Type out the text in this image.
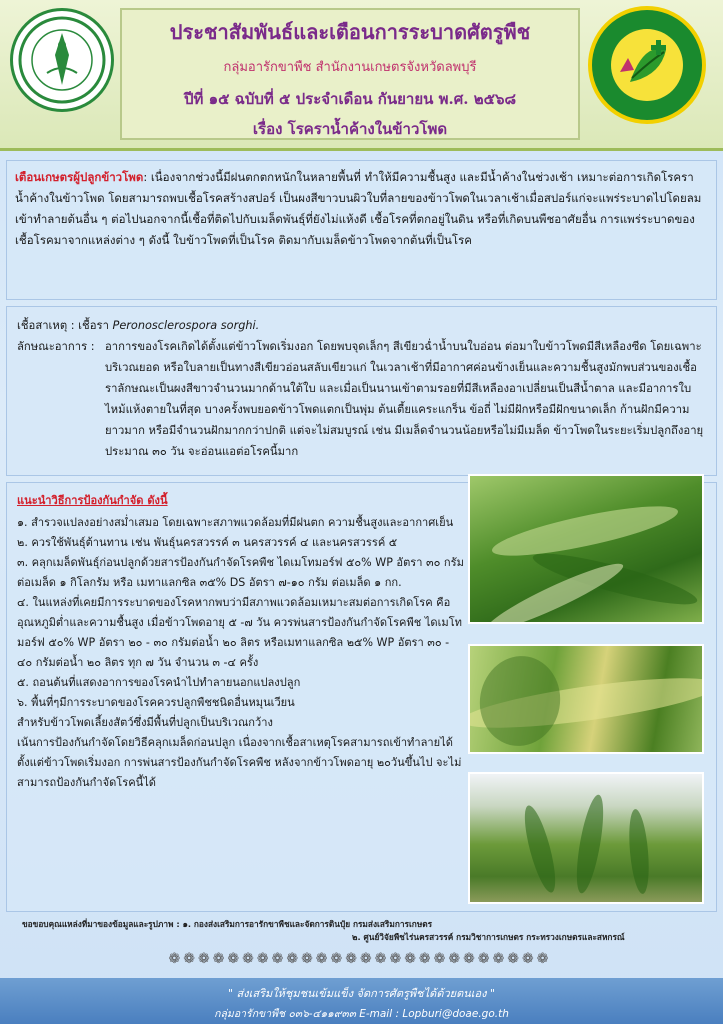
ประชาสัมพันธ์และเตือนการระบาดศัตรูพืช
กลุ่มอารักขาพืช สำนักงานเกษตรจังหวัดลพบุรี
ปีที่ ๑๕ ฉบับที่ ๕ ประจำเดือน กันยายน พ.ศ. ๒๕๖๘
เรื่อง โรคราน้ำค้างในข้าวโพด
เตือนเกษตรผู้ปลูกข้าวโพด: เนื่องจากช่วงนี้มีฝนตกตกหนักในหลายพื้นที่ ทำให้มีความชื้นสูง และมีน้ำค้างในช่วงเช้า เหมาะต่อการเกิดโรคราน้ำค้างในข้าวโพด โดยสามารถพบเชื้อโรคสร้างสปอร์ เป็นผงสีขาวบนผิวใบที่ลายของข้าวโพดในเวลาเช้าเมื่อสปอร์แก่จะแพร่ระบาดไปโดยลมเข้าทำลายต้นอื่น ๆ ต่อไปนอกจากนี้เชื้อที่ติดไปกับเมล็ดพันธุ์ที่ยังไม่แห้งดี เชื้อโรคที่ตกอยู่ในดิน หรือที่เกิดบนพืชอาศัยอื่น การแพร่ระบาดของเชื้อโรคมาจากแหล่งต่าง ๆ ดังนี้ ใบข้าวโพดที่เป็นโรค ติดมากับเมล็ดข้าวโพดจากต้นที่เป็นโรค
เชื้อสาเหตุ : เชื้อรา Peronosclerospora sorghi.
ลักษณะอาการ : อาการของโรคเกิดได้ตั้งแต่ข้าวโพดเริ่มงอก โดยพบจุดเล็กๆ สีเขียวฉ่ำน้ำบนใบอ่อน ต่อมาใบข้าวโพดมีสีเหลืองซีด โดยเฉพาะบริเวณยอด หรือใบลายเป็นทางสีเขียวอ่อนสลับเขียวแก่ ในเวลาเช้าที่มีอากาศค่อนข้างเย็นและความชื้นสูงมักพบส่วนของเชื้อราลักษณะเป็นผงสีขาวจำนวนมากด้านใต้ใบ และเมื่อเป็นนานเข้าตามรอยที่มีสีเหลืองอาเปลี่ยนเป็นสีน้ำตาล และมีอาการใบไหม้แห้งตายในที่สุด บางครั้งพบยอดข้าวโพดแตกเป็นพุ่ม ต้นเตี้ยแคระแกร็น ข้อถี่ ไม่มีฝักหรือมีฝักขนาดเล็ก ก้านฝักมีความยาวมาก หรือมีจำนวนฝักมากกว่าปกติ แต่จะไม่สมบูรณ์ เช่น มีเมล็ดจำนวนน้อยหรือไม่มีเมล็ด ข้าวโพดในระยะเริ่มปลูกถึงอายุประมาณ ๓๐ วัน จะอ่อนแอต่อโรคนี้มาก
แนะนำวิธีการป้องกันกำจัด ดังนี้

๑. สำรวจแปลงอย่างสม่ำเสมอ โดยเฉพาะสภาพแวดล้อมที่มีฝนตก ความชื้นสูงและอากาศเย็น

๒. ควรใช้พันธุ์ต้านทาน เช่น พันธุ์นครสวรรค์ ๓ นครสวรรค์ ๔ และนครสวรรค์ ๕

๓. คลุกเมล็ดพันธุ์ก่อนปลูกด้วยสารป้องกันกำจัดโรคพืช ไดเมโทมอร์ฟ ๕๐% WP อัตรา ๓๐ กรัม ต่อเมล็ด ๑ กิโลกรัม หรือ เมทาแลกซิล ๓๕% DS อัตรา ๗-๑๐ กรัม ต่อเมล็ด ๑ กก.

๔. ในแหล่งที่เคยมีการระบาดของโรคหากพบว่ามีสภาพแวดล้อมเหมาะสมต่อการเกิดโรค คือ อุณหภูมิต่ำและความชื้นสูง เมื่อข้าวโพดอายุ ๕ -๗ วัน ควรพ่นสารป้องกันกำจัดโรคพืช ไดเมโทมอร์ฟ ๕๐% WP อัตรา ๒๐ - ๓๐ กรัมต่อน้ำ ๒๐ ลิตร หรือเมทาแลกซิล ๒๕% WP อัตรา ๓๐ - ๔๐ กรัมต่อน้ำ ๒๐ ลิตร ทุก ๗ วัน จำนวน ๓ -๔ ครั้ง

๕. ถอนต้นที่แสดงอาการของโรคนำไปทำลายนอกแปลงปลูก

๖. พื้นที่ๆมีการระบาดของโรคควรปลูกพืชชนิดอื่นหมุนเวียน

สำหรับข้าวโพดเลี้ยงสัตว์ซึ่งมีพื้นที่ปลูกเป็นบริเวณกว้าง

เน้นการป้องกันกำจัดโดยวิธีคลุกเมล็ดก่อนปลูก เนื่องจากเชื้อสาเหตุโรคสามารถเข้าทำลายได้ตั้งแต่ข้าวโพดเริ่มงอก การพ่นสารป้องกันกำจัดโรคพืช หลังจากข้าวโพดอายุ ๒๐วันขึ้นไป จะไม่สามารถป้องกันกำจัดโรคนี้ได้

ขอขอบคุณแหล่งที่มาของข้อมูลและรูปภาพ : ๑. กองส่งเสริมการอารักขาพืชและจัดการดินปุ๋ย กรมส่งเสริมการเกษตร
๒. ศูนย์วิจัยพืชไร่นครสวรรค์ กรมวิชาการเกษตร กระทรวงเกษตรและสหกรณ์
❁❁❁❁❁❁❁❁❁❁❁❁❁❁❁❁❁❁❁❁❁❁❁❁❁❁
" ส่งเสริมให้ชุมชนเข้มแข็ง จัดการศัตรูพืชได้ด้วยตนเอง "
กลุ่มอารักขาพืช ๐๓๖-๔๑๑๙๓๓ E-mail : Lopburi@doae.go.th
